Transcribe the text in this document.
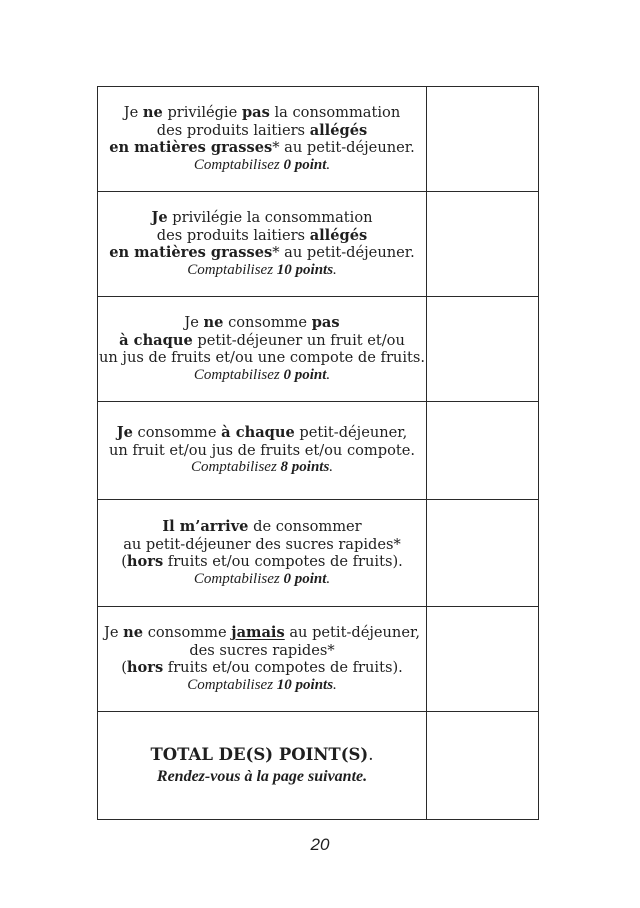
Je ne privilégie pas la consommation
des produits laitiers allégés
en matières grasses* au petit-déjeuner.
Comptabilisez 0 point.	

Je privilégie la consommation
des produits laitiers allégés
en matières grasses* au petit-déjeuner.
Comptabilisez 10 points.	

Je ne consomme pas
à chaque petit-déjeuner un fruit et/ou
un jus de fruits et/ou une compote de fruits.
Comptabilisez 0 point.	

Je consomme à chaque petit-déjeuner,
un fruit et/ou jus de fruits et/ou compote.
Comptabilisez 8 points.	

Il m’arrive de consommer
au petit-déjeuner des sucres rapides*
(hors fruits et/ou compotes de fruits).
Comptabilisez 0 point.	

Je ne consomme jamais au petit-déjeuner,
des sucres rapides*
(hors fruits et/ou compotes de fruits).
Comptabilisez 10 points.	

TOTAL DE(S) POINT(S).
Rendez-vous à la page suivante.	

20
